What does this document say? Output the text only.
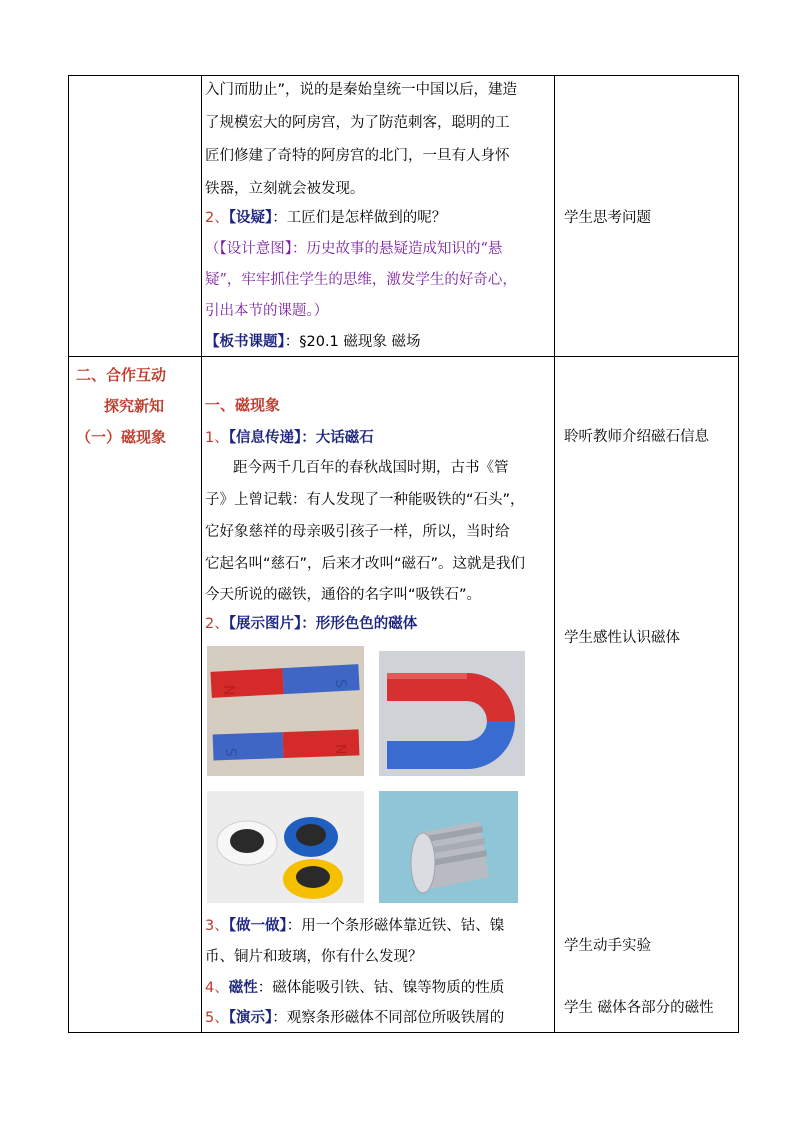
入门而肋止”，说的是秦始皇统一中国以后，建造
了规模宏大的阿房宫，为了防范刺客，聪明的工
匠们修建了奇特的阿房宫的北门，一旦有人身怀
铁器，立刻就会被发现。
2、【设疑】：工匠们是怎样做到的呢？
（【设计意图】：历史故事的悬疑造成知识的“悬
疑”，牢牢抓住学生的思维，激发学生的好奇心，
引出本节的课题。）
【板书课题】：§20.1 磁现象 磁场
学生思考问题
二、合作互动
探究新知
（一）磁现象
一、磁现象
1、【信息传递】：大话磁石
距今两千几百年的春秋战国时期，古书《管
子》上曾记载：有人发现了一种能吸铁的“石头”，
它好象慈祥的母亲吸引孩子一样，所以，当时给
它起名叫“慈石”，后来才改叫“磁石”。这就是我们
今天所说的磁铁，通俗的名字叫“吸铁石”。
2、【展示图片】：形形色色的磁体
N
S
S	N
3、【做一做】：用一个条形磁体靠近铁、钴、镍
币、铜片和玻璃，你有什么发现？
4、磁性：磁体能吸引铁、钴、镍等物质的性质
5、【演示】：观察条形磁体不同部位所吸铁屑的
聆听教师介绍磁石信息
学生感性认识磁体
学生动手实验
学生 磁体各部分的磁性
